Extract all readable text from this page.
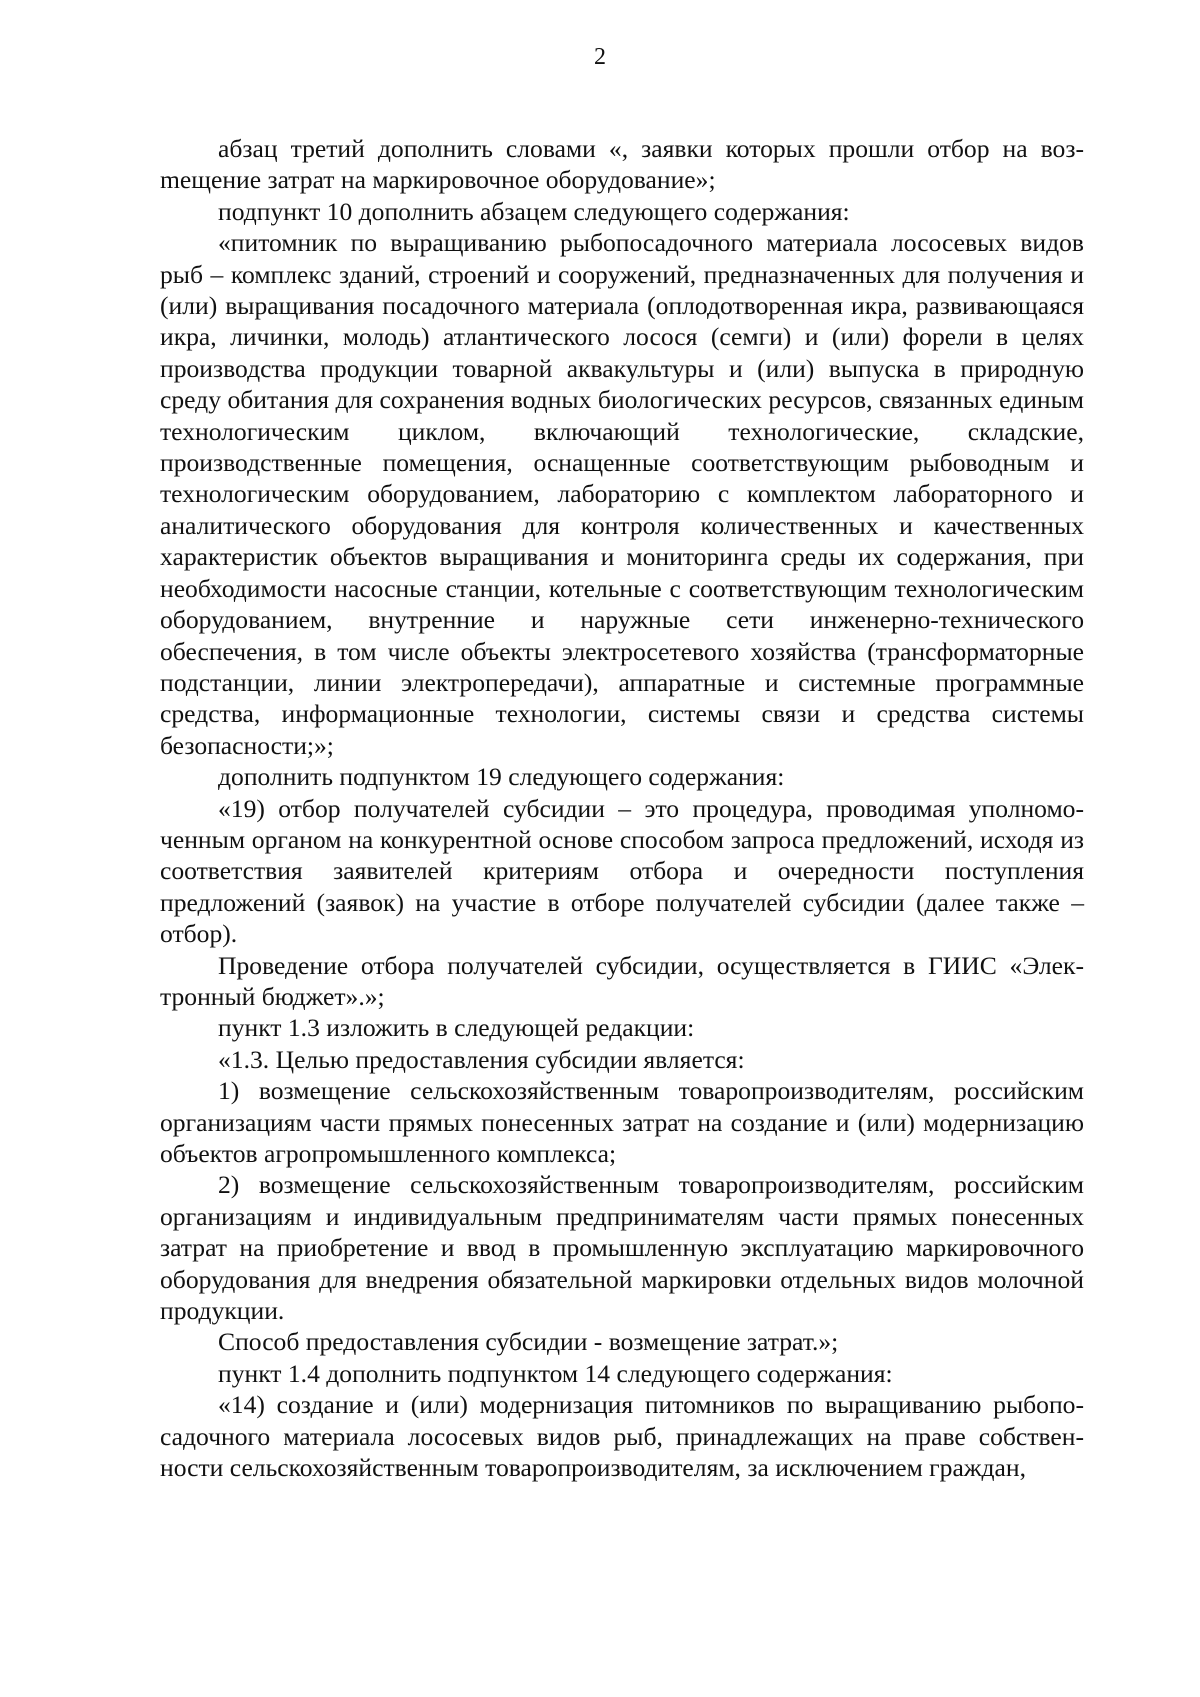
2

абзац третий дополнить словами «, заявки которых прошли отбор на возmещение затрат на маркировочное оборудование»;

подпункт 10 дополнить абзацем следующего содержания:

«питомник по выращиванию рыбопосадочного материала лососевых видов рыб – комплекс зданий, строений и сооружений, предназначенных для получения и (или) выращивания посадочного материала (оплодотворенная икра, развивающаяся икра, личинки, молодь) атлантического лосося (семги) и (или) форели в целях производства продукции товарной аквакультуры и (или) выпуска в природную среду обитания для сохранения водных биологических ресурсов, связанных единым технологическим циклом, включающий технологические, складские, производственные помещения, оснащенные соответствующим рыбоводным и технологическим оборудованием, лабораторию с комплектом лабораторного и аналитического оборудования для контроля количественных и качественных характеристик объектов выращивания и мониторинга среды их содержания, при необходимости насосные станции, котельные с соответствующим технологическим оборудованием, внутренние и наружные сети инженерно-технического обеспечения, в том числе объекты электросетевого хозяйства (трансформаторные подстанции, линии электропередачи), аппаратные и системные программные средства, информационные технологии, системы связи и средства системы безопасности;»;

дополнить подпунктом 19 следующего содержания:

«19) отбор получателей субсидии – это процедура, проводимая уполномоченным органом на конкурентной основе способом запроса предложений, исходя из соответствия заявителей критериям отбора и очередности поступления предложений (заявок) на участие в отборе получателей субсидии (далее также – отбор).

Проведение отбора получателей субсидии, осуществляется в ГИИС «Электронный бюджет».»;

пункт 1.3 изложить в следующей редакции:

«1.3. Целью предоставления субсидии является:

1) возмещение сельскохозяйственным товаропроизводителям, российским организациям части прямых понесенных затрат на создание и (или) модернизацию объектов агропромышленного комплекса;

2) возмещение сельскохозяйственным товаропроизводителям, российским организациям и индивидуальным предпринимателям части прямых понесенных затрат на приобретение и ввод в промышленную эксплуатацию маркировочного оборудования для внедрения обязательной маркировки отдельных видов молочной продукции.

Способ предоставления субсидии - возмещение затрат.»;

пункт 1.4 дополнить подпунктом 14 следующего содержания:

«14) создание и (или) модернизация питомников по выращиванию рыбопосадочного материала лососевых видов рыб, принадлежащих на праве собственности сельскохозяйственным товаропроизводителям, за исключением граждан,
